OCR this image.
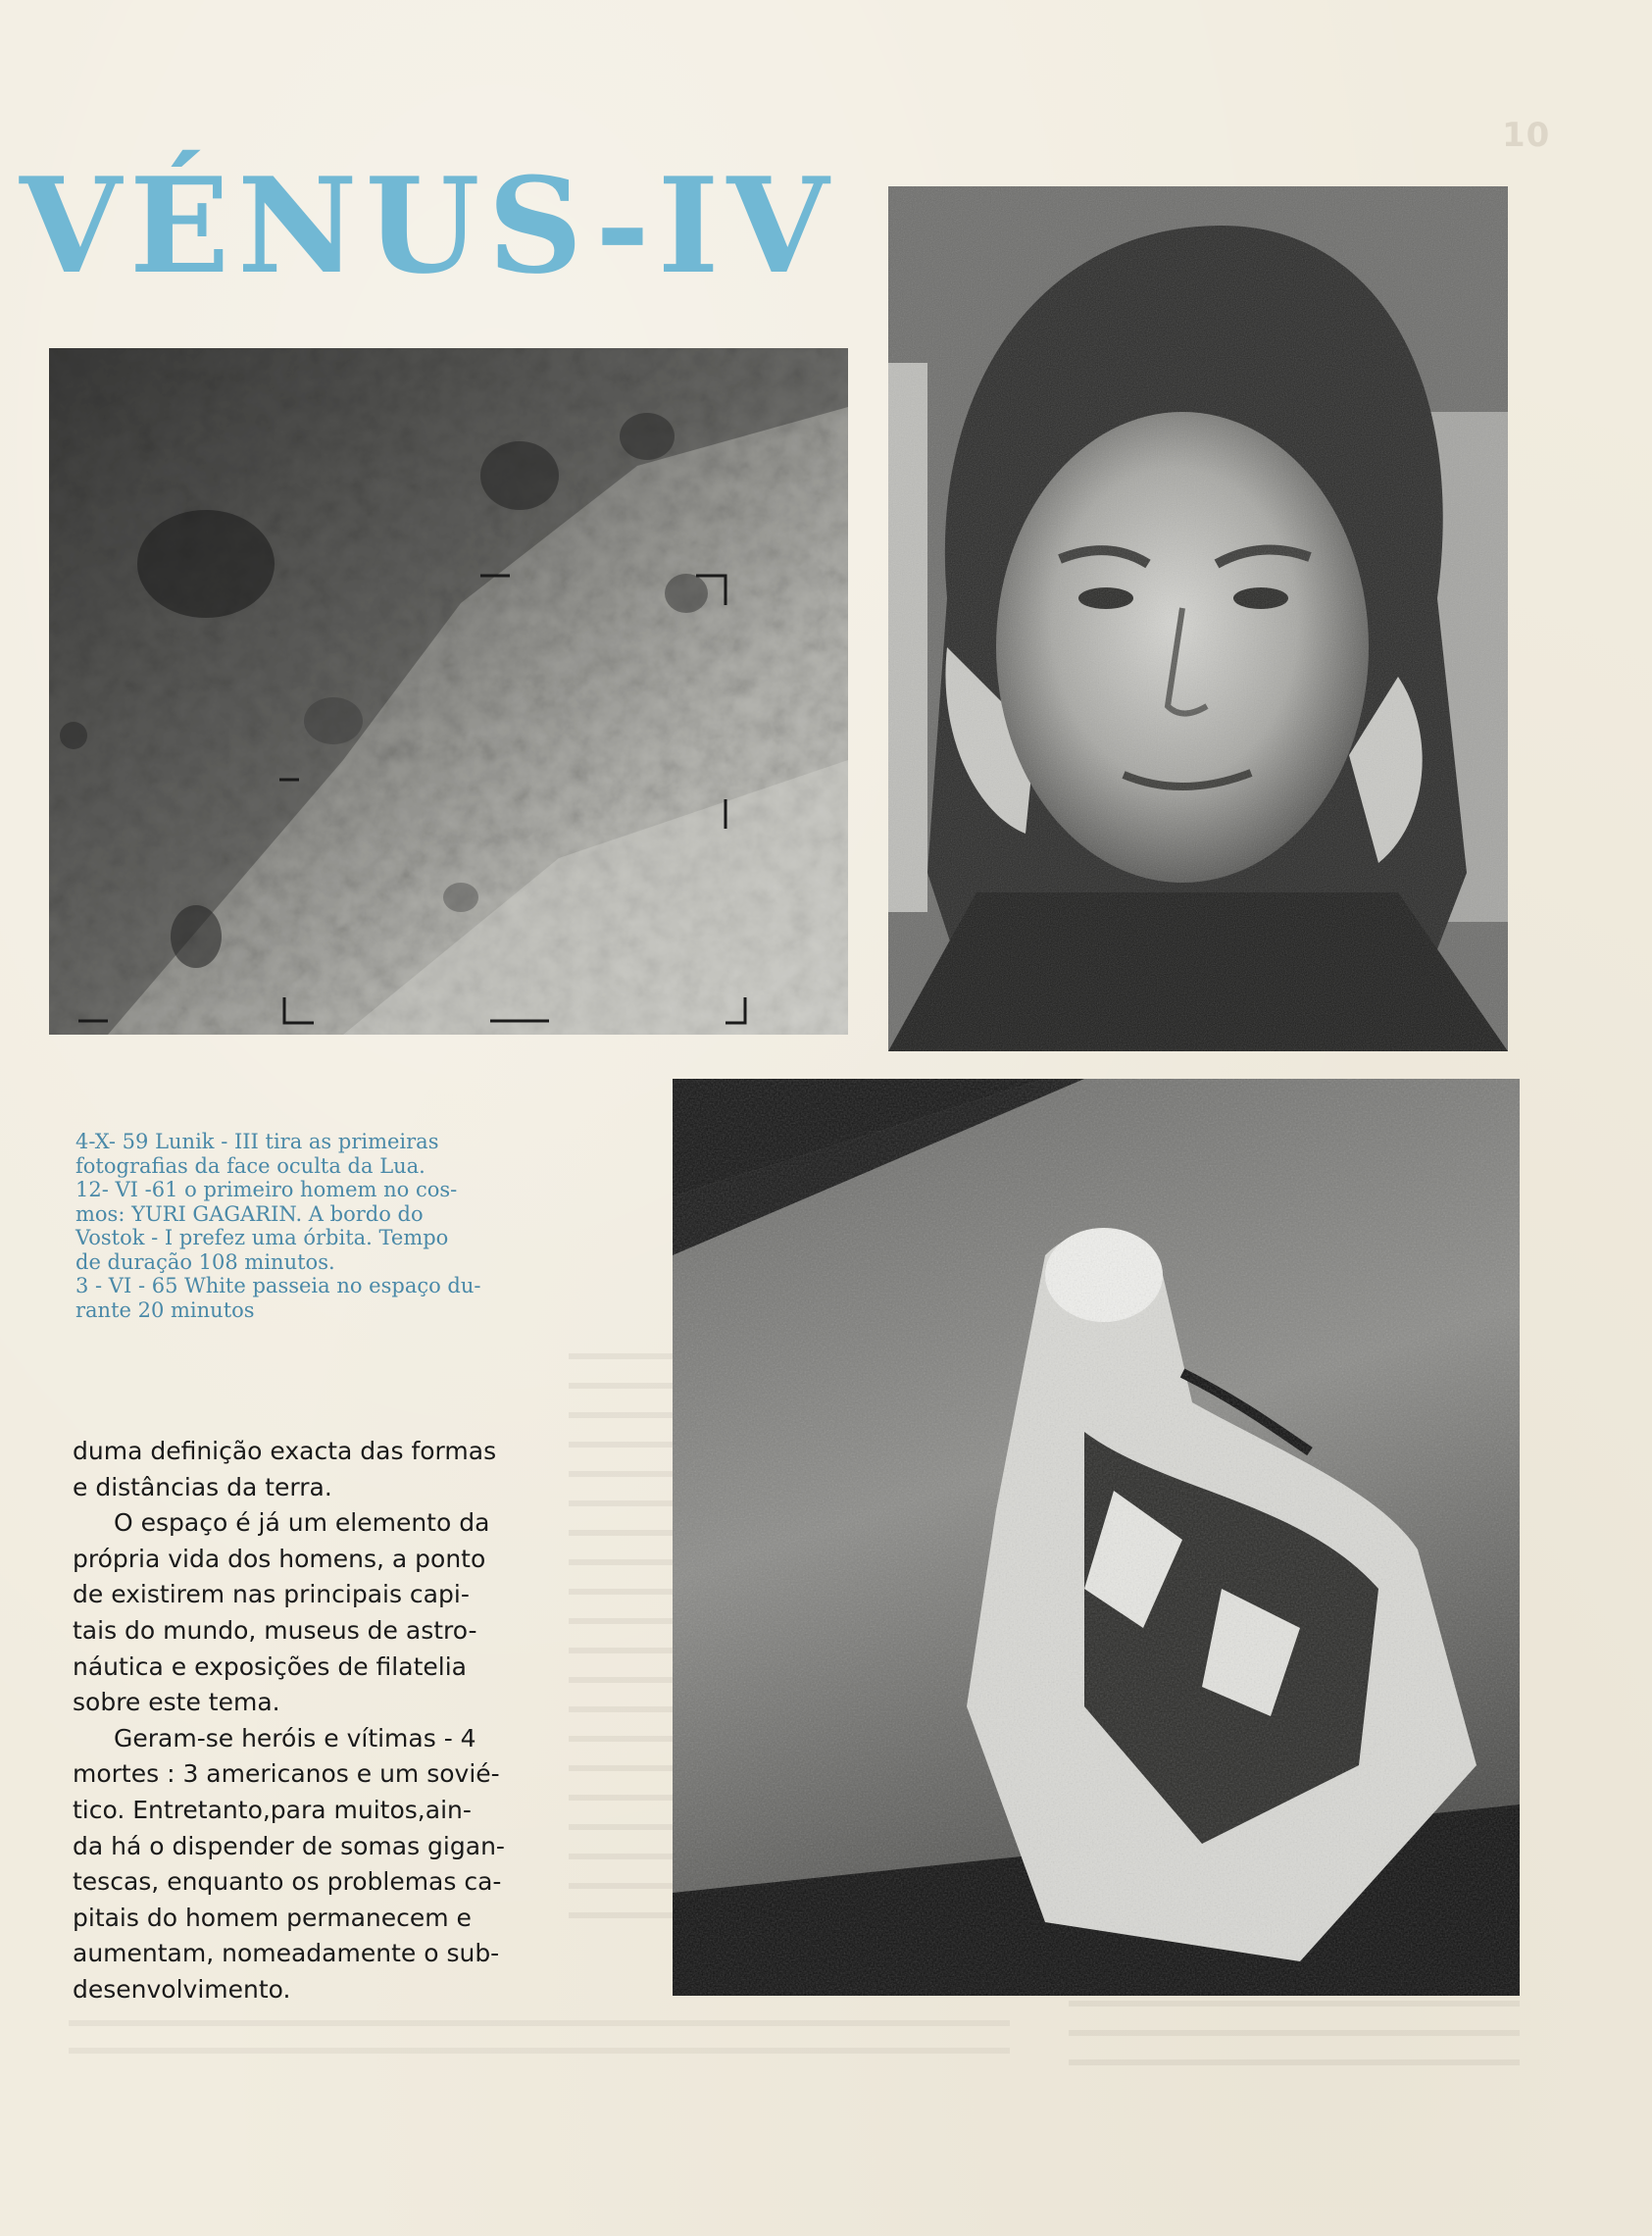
10
VÉNUS-IV

4-X- 59 Lunik - III tira as primeiras

fotografias da face oculta da Lua.

12- VI -61 o primeiro homem no cos-

mos: YURI GAGARIN. A bordo do

Vostok - I prefez uma órbita. Tempo

de duração 108 minutos.

3 - VI - 65 White passeia no espaço du-

rante 20 minutos

duma definição exacta das formas

e distâncias da terra.

O espaço é já um elemento da

própria vida dos homens, a ponto

de existirem nas principais capi-

tais do mundo, museus de astro-

náutica e exposições de filatelia

sobre este tema.

Geram-se heróis e vítimas - 4

mortes : 3 americanos e um sovié-

tico. Entretanto,para muitos,ain-

da há o dispender de somas gigan-

tescas, enquanto os problemas ca-

pitais do homem permanecem e

aumentam, nomeadamente o sub-

desenvolvimento.
